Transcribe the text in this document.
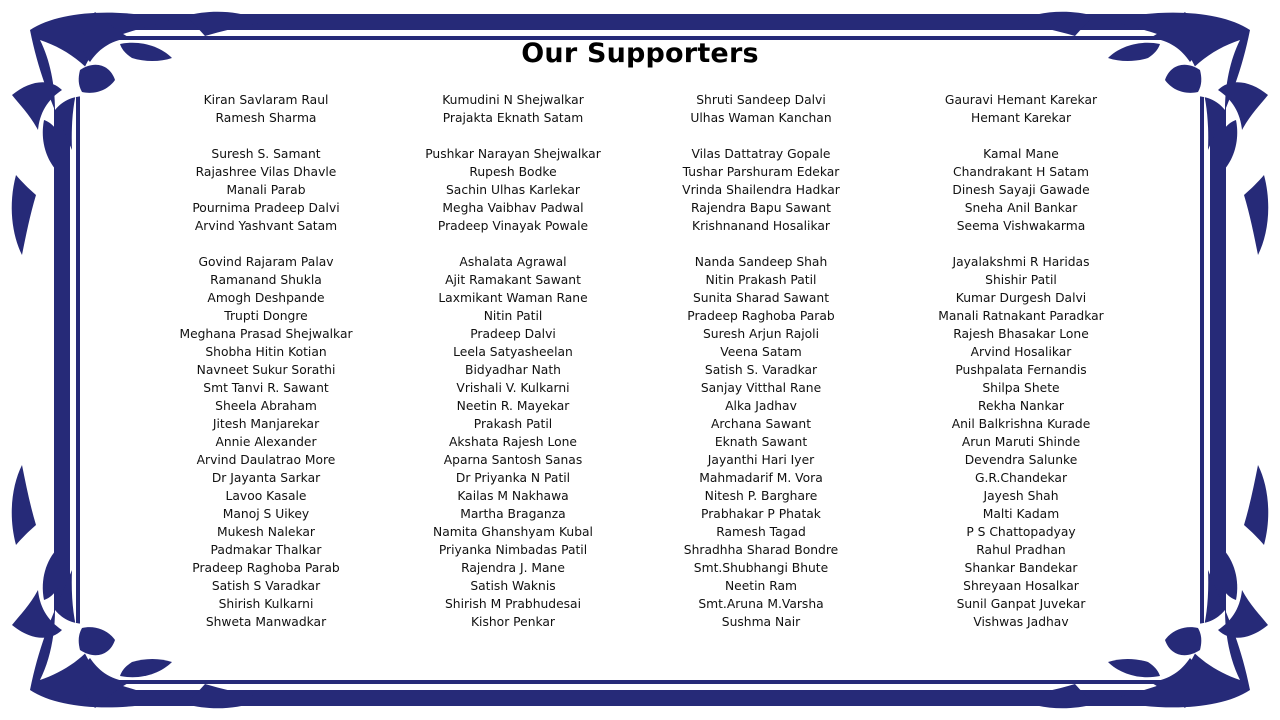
Our Supporters
Kiran Savlaram Raul
Ramesh Sharma
Suresh S. Samant
Rajashree Vilas Dhavle
Manali Parab
Pournima Pradeep Dalvi
Arvind Yashvant Satam
Govind Rajaram Palav
Ramanand Shukla
Amogh Deshpande
Trupti Dongre
Meghana Prasad Shejwalkar
Shobha Hitin Kotian
Navneet Sukur Sorathi
Smt Tanvi R. Sawant
Sheela Abraham
Jitesh Manjarekar
Annie Alexander
Arvind Daulatrao More
Dr Jayanta Sarkar
Lavoo Kasale
Manoj S Uikey
Mukesh Nalekar
Padmakar Thalkar
Pradeep Raghoba Parab
Satish S Varadkar
Shirish Kulkarni
Shweta Manwadkar
Kumudini N Shejwalkar
Prajakta Eknath Satam
Pushkar Narayan Shejwalkar
Rupesh Bodke
Sachin Ulhas Karlekar
Megha Vaibhav Padwal
Pradeep Vinayak Powale
Ashalata Agrawal
Ajit Ramakant Sawant
Laxmikant Waman Rane
Nitin Patil
Pradeep Dalvi
Leela Satyasheelan
Bidyadhar Nath
Vrishali V. Kulkarni
Neetin R. Mayekar
Prakash Patil
Akshata Rajesh Lone
Aparna Santosh Sanas
Dr Priyanka N Patil
Kailas M Nakhawa
Martha Braganza
Namita Ghanshyam Kubal
Priyanka Nimbadas Patil
Rajendra J. Mane
Satish Waknis
Shirish M Prabhudesai
Kishor Penkar
Shruti Sandeep Dalvi
Ulhas Waman Kanchan
Vilas Dattatray Gopale
Tushar Parshuram Edekar
Vrinda Shailendra Hadkar
Rajendra Bapu Sawant
Krishnanand Hosalikar
Nanda Sandeep Shah
Nitin Prakash Patil
Sunita Sharad Sawant
Pradeep Raghoba Parab
Suresh Arjun Rajoli
Veena Satam
Satish S. Varadkar
Sanjay Vitthal Rane
Alka Jadhav
Archana Sawant
Eknath Sawant
Jayanthi Hari Iyer
Mahmadarif M. Vora
Nitesh P. Barghare
Prabhakar P Phatak
Ramesh Tagad
Shradhha Sharad Bondre
Smt.Shubhangi Bhute
Neetin Ram
Smt.Aruna M.Varsha
Sushma Nair
Gauravi Hemant Karekar
Hemant Karekar
Kamal Mane
Chandrakant H Satam
Dinesh Sayaji Gawade
Sneha Anil Bankar
Seema Vishwakarma
Jayalakshmi R Haridas
Shishir Patil
Kumar Durgesh Dalvi
Manali Ratnakant Paradkar
Rajesh Bhasakar Lone
Arvind Hosalikar
Pushpalata Fernandis
Shilpa Shete
Rekha Nankar
Anil Balkrishna Kurade
Arun Maruti Shinde
Devendra Salunke
G.R.Chandekar
Jayesh Shah
Malti Kadam
P S Chattopadyay
Rahul Pradhan
Shankar Bandekar
Shreyaan Hosalkar
Sunil Ganpat Juvekar
Vishwas Jadhav
